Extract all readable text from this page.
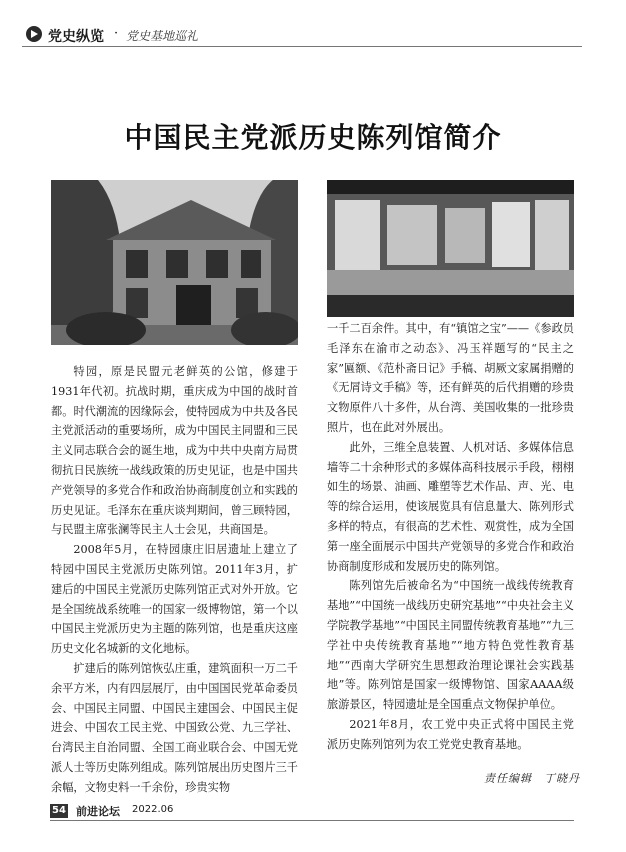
党史纵览 · 党史基地巡礼
中国民主党派历史陈列馆简介

特园，原是民盟元老鲜英的公馆，修建于1931年代初。抗战时期，重庆成为中国的战时首都。时代潮流的因缘际会，使特园成为中共及各民主党派活动的重要场所，成为中国民主同盟和三民主义同志联合会的诞生地，成为中共中央南方局贯彻抗日民族统一战线政策的历史见证，也是中国共产党领导的多党合作和政治协商制度创立和实践的历史见证。毛泽东在重庆谈判期间，曾三顾特园，与民盟主席张澜等民主人士会见，共商国是。

2008年5月，在特园康庄旧居遗址上建立了特园中国民主党派历史陈列馆。2011年3月，扩建后的中国民主党派历史陈列馆正式对外开放。它是全国统战系统唯一的国家一级博物馆，第一个以中国民主党派历史为主题的陈列馆，也是重庆这座历史文化名城新的文化地标。

扩建后的陈列馆恢弘庄重，建筑面积一万二千余平方米，内有四层展厅，由中国国民党革命委员会、中国民主同盟、中国民主建国会、中国民主促进会、中国农工民主党、中国致公党、九三学社、台湾民主自治同盟、全国工商业联合会、中国无党派人士等历史陈列组成。陈列馆展出历史图片三千余幅，文物史料一千余份，珍贵实物

一千二百余件。其中，有“镇馆之宝”——《参政员毛泽东在渝市之动态》、冯玉祥题写的“民主之家”匾额、《范朴斋日记》手稿、胡厥文家属捐赠的《无屑诗文手稿》等，还有鲜英的后代捐赠的珍贵文物原件八十多件，从台湾、美国收集的一批珍贵照片，也在此对外展出。

此外，三维全息装置、人机对话、多媒体信息墙等二十余种形式的多媒体高科技展示手段，栩栩如生的场景、油画、雕塑等艺术作品、声、光、电等的综合运用，使该展览具有信息量大、陈列形式多样的特点，有很高的艺术性、观赏性，成为全国第一座全面展示中国共产党领导的多党合作和政治协商制度形成和发展历史的陈列馆。

陈列馆先后被命名为“中国统一战线传统教育基地”“中国统一战线历史研究基地”“中央社会主义学院教学基地”“中国民主同盟传统教育基地”“九三学社中央传统教育基地”“地方特色党性教育基地”“西南大学研究生思想政治理论课社会实践基地”等。陈列馆是国家一级博物馆、国家AAAA级旅游景区，特园遗址是全国重点文物保护单位。

2021年8月，农工党中央正式将中国民主党派历史陈列馆列为农工党党史教育基地。

责任编辑　丁晓丹
54 前进论坛 2022.06
